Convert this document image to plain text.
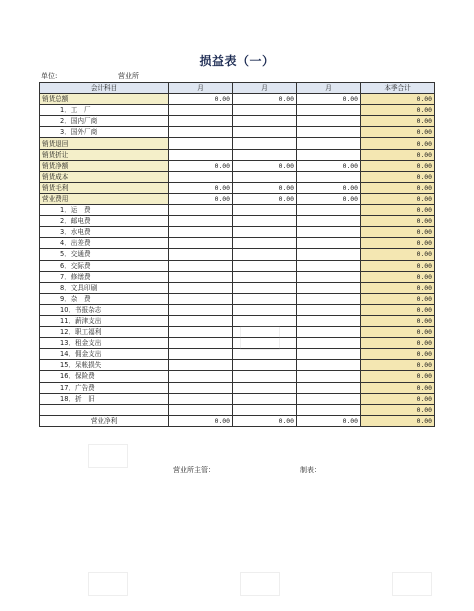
损益表（一）
单位:	营业所
会计科目	月	月	月	本季合计
销货总额	0.00	0.00	0.00	0.00
1．工　厂				0.00
2．国内厂商				0.00
3．国外厂商				0.00
销货退回				0.00
销货折让				0.00
销货净额	0.00	0.00	0.00	0.00
销货成本				0.00
销货毛利	0.00	0.00	0.00	0.00
营业费用	0.00	0.00	0.00	0.00
1．运　费				0.00
2．邮电费				0.00
3．水电费				0.00
4．出差费				0.00
5．交通费				0.00
6．交际费				0.00
7．修缮费				0.00
8．文具印刷				0.00
9．杂　费				0.00
10．书报杂志				0.00
11．薪津支出				0.00
12．职工福利				0.00
13．租金支出				0.00
14．佣金支出				0.00
15．呆帐损失				0.00
16．保险费				0.00
17．广告费				0.00
18．折　旧				0.00
				0.00
营业净利	0.00	0.00	0.00	0.00
营业所主管：	制表：
